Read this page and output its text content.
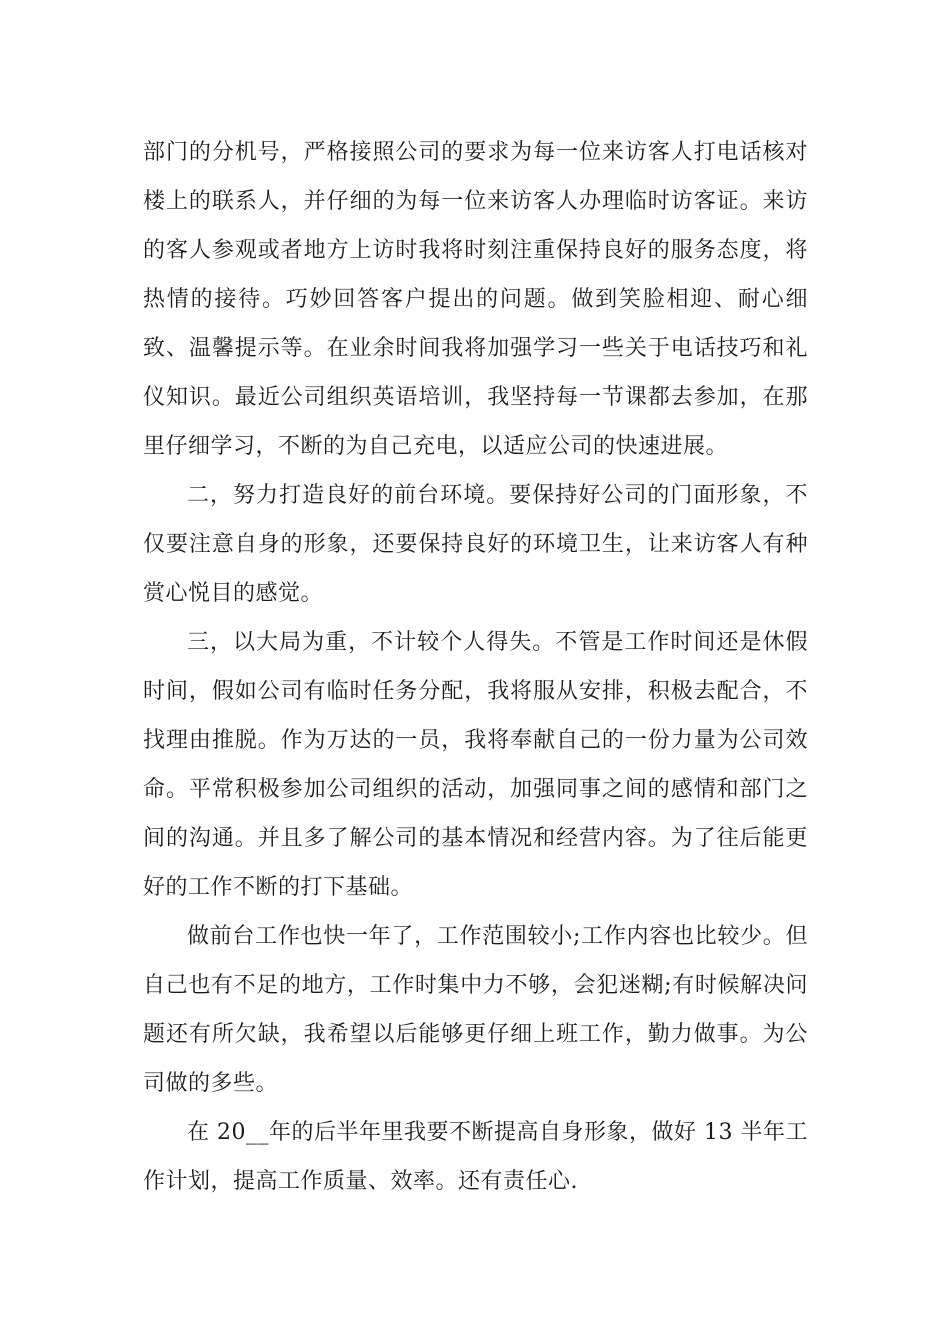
部门的分机号，严格接照公司的要求为每一位来访客人打电话核对楼上的联系人，并仔细的为每一位来访客人办理临时访客证。来访的客人参观或者地方上访时我将时刻注重保持良好的服务态度，将热情的接待。巧妙回答客户提出的问题。做到笑脸相迎、耐心细致、温馨提示等。在业余时间我将加强学习一些关于电话技巧和礼仪知识。最近公司组织英语培训，我坚持每一节课都去参加，在那里仔细学习，不断的为自己充电，以适应公司的快速进展。

二，努力打造良好的前台环境。要保持好公司的门面形象，不仅要注意自身的形象，还要保持良好的环境卫生，让来访客人有种赏心悦目的感觉。

三，以大局为重，不计较个人得失。不管是工作时间还是休假时间，假如公司有临时任务分配，我将服从安排，积极去配合，不找理由推脱。作为万达的一员，我将奉献自己的一份力量为公司效命。平常积极参加公司组织的活动，加强同事之间的感情和部门之间的沟通。并且多了解公司的基本情况和经营内容。为了往后能更好的工作不断的打下基础。

做前台工作也快一年了，工作范围较小;工作内容也比较少。但自己也有不足的地方，工作时集中力不够，会犯迷糊;有时候解决问题还有所欠缺，我希望以后能够更仔细上班工作，勤力做事。为公司做的多些。

在 20__年的后半年里我要不断提高自身形象，做好 13 半年工作计划，提高工作质量、效率。还有责任心.
